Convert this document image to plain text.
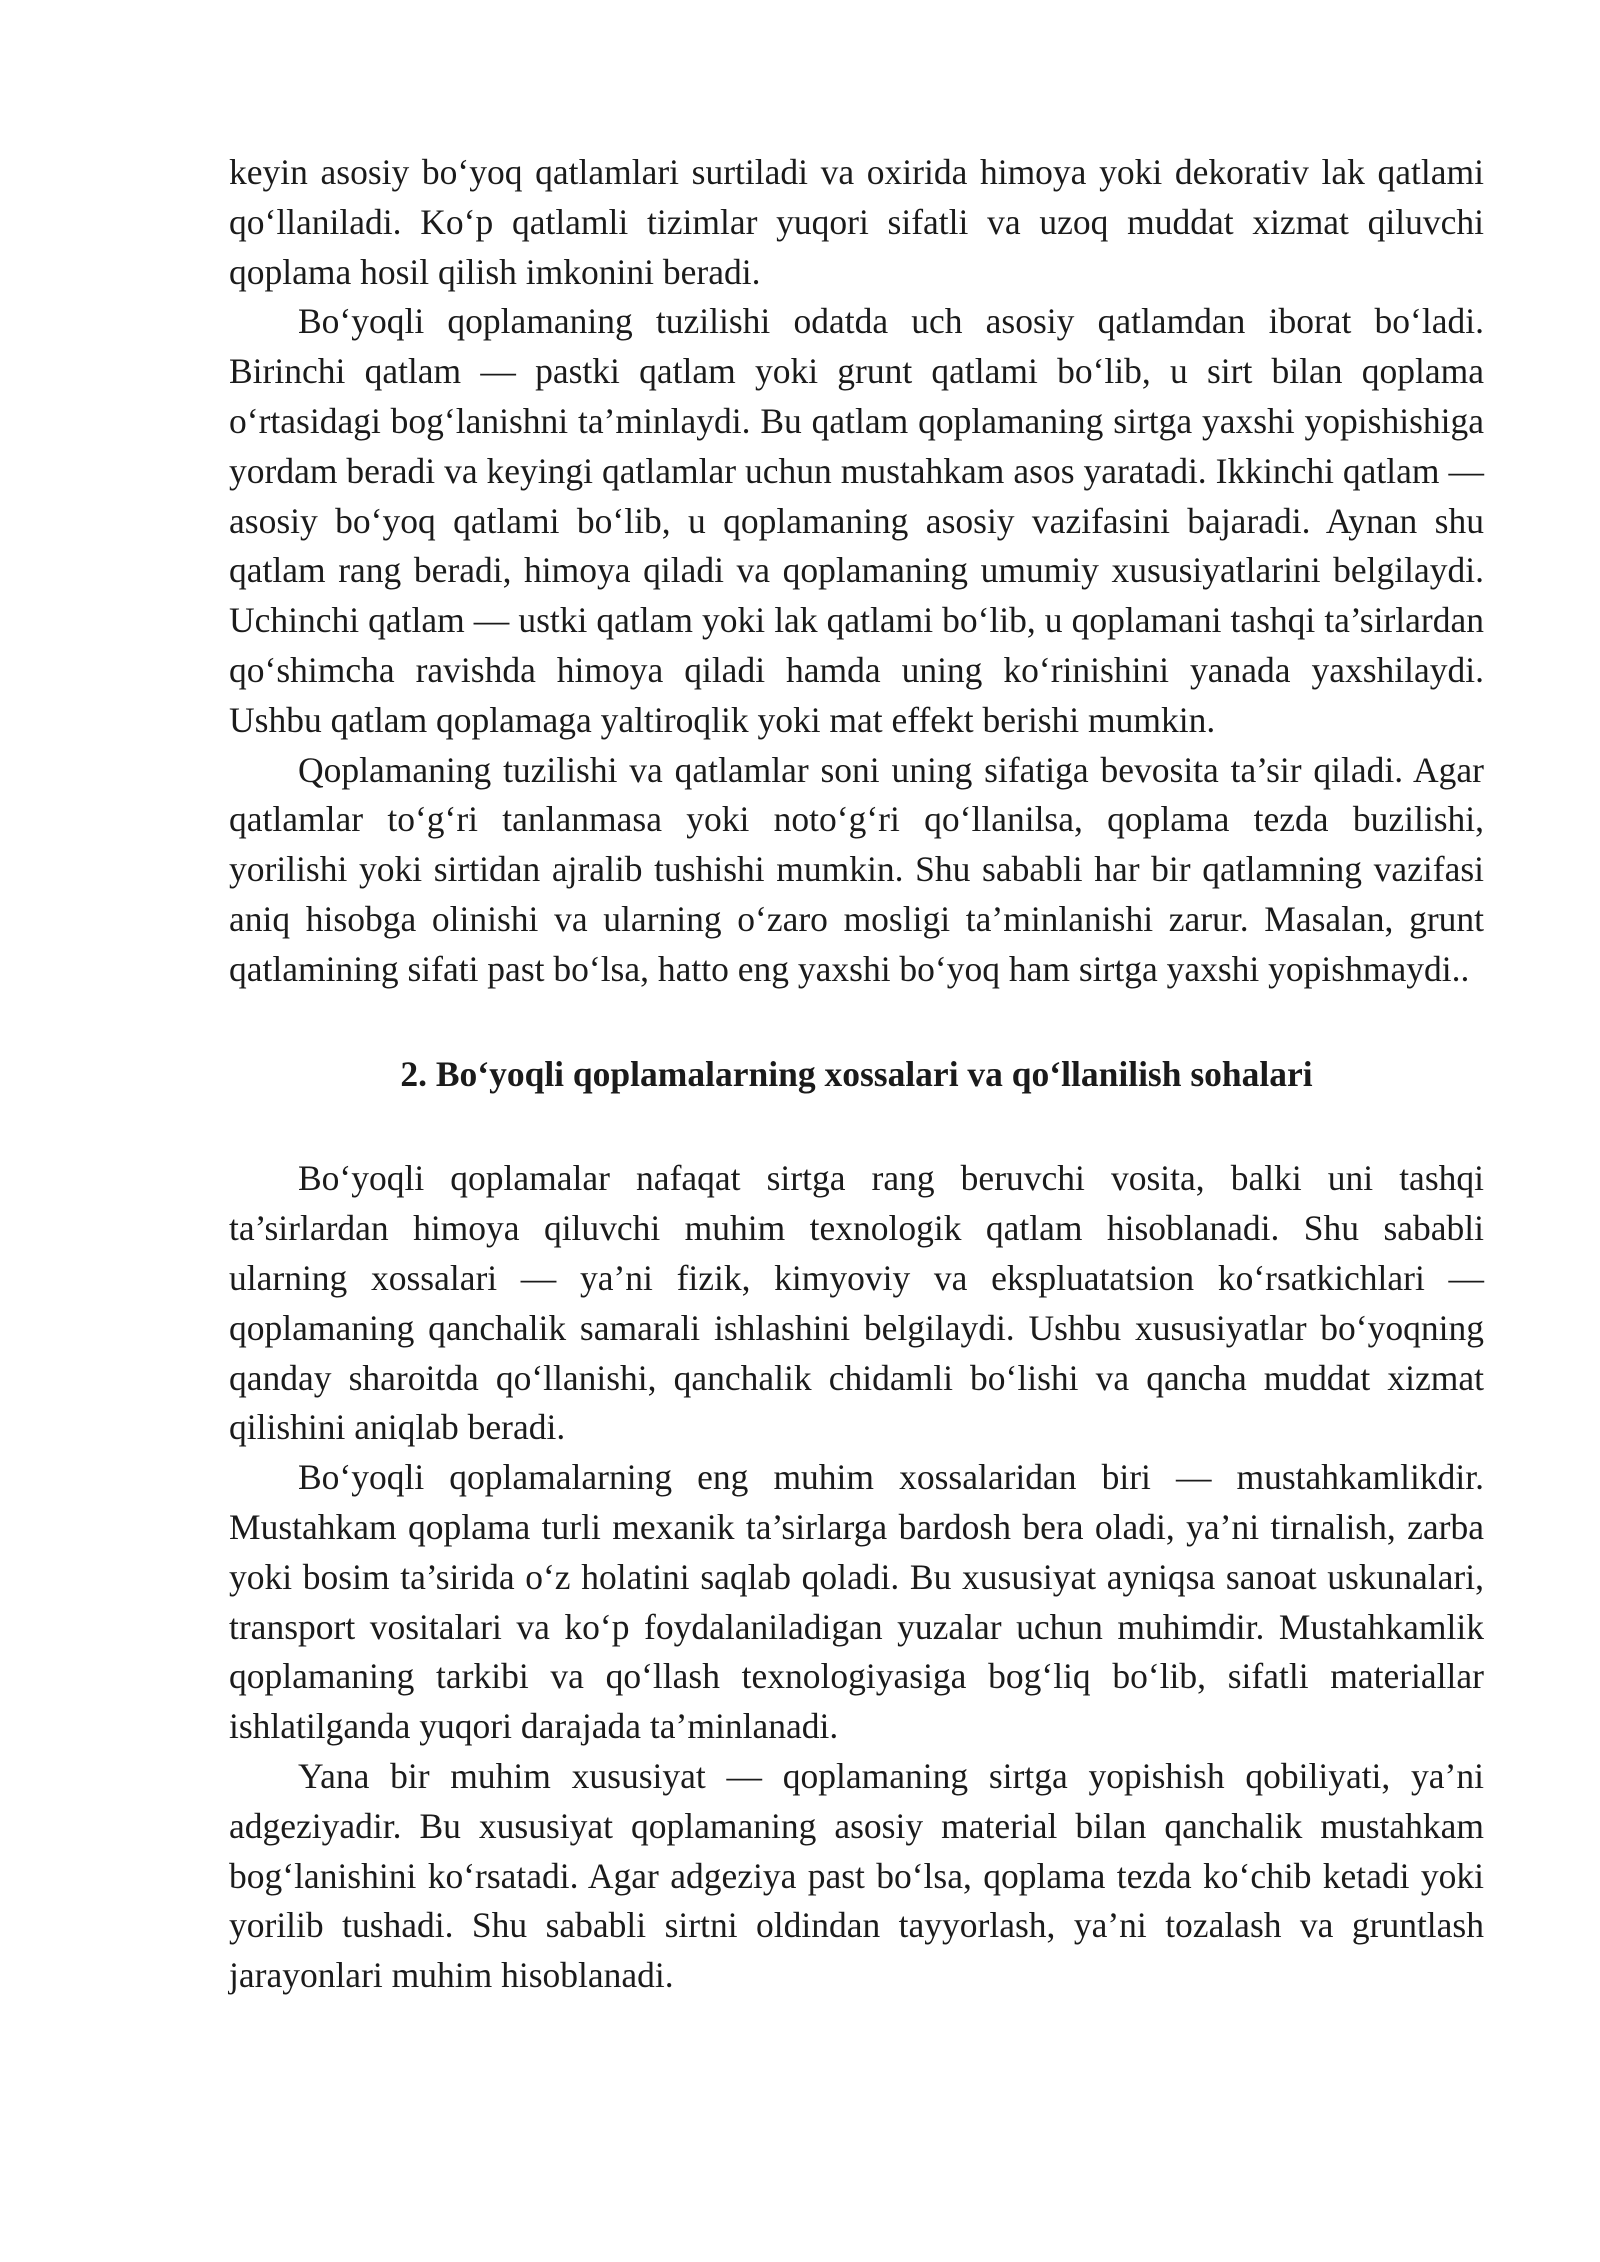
keyin asosiy bo‘yoq qatlamlari surtiladi va oxirida himoya yoki dekorativ lak qatlami qo‘llaniladi. Ko‘p qatlamli tizimlar yuqori sifatli va uzoq muddat xizmat qiluvchi qoplama hosil qilish imkonini beradi.

Bo‘yoqli qoplamaning tuzilishi odatda uch asosiy qatlamdan iborat bo‘ladi. Birinchi qatlam — pastki qatlam yoki grunt qatlami bo‘lib, u sirt bilan qoplama o‘rtasidagi bog‘lanishni ta’minlaydi. Bu qatlam qoplamaning sirtga yaxshi yopishishiga yordam beradi va keyingi qatlamlar uchun mustahkam asos yaratadi. Ikkinchi qatlam — asosiy bo‘yoq qatlami bo‘lib, u qoplamaning asosiy vazifasini bajaradi. Aynan shu qatlam rang beradi, himoya qiladi va qoplamaning umumiy xususiyatlarini belgilaydi. Uchinchi qatlam — ustki qatlam yoki lak qatlami bo‘lib, u qoplamani tashqi ta’sirlardan qo‘shimcha ravishda himoya qiladi hamda uning ko‘rinishini yanada yaxshilaydi. Ushbu qatlam qoplamaga yaltiroqlik yoki mat effekt berishi mumkin.

Qoplamaning tuzilishi va qatlamlar soni uning sifatiga bevosita ta’sir qiladi. Agar qatlamlar to‘g‘ri tanlanmasa yoki noto‘g‘ri qo‘llanilsa, qoplama tezda buzilishi, yorilishi yoki sirtidan ajralib tushishi mumkin. Shu sababli har bir qatlamning vazifasi aniq hisobga olinishi va ularning o‘zaro mosligi ta’minlanishi zarur. Masalan, grunt qatlamining sifati past bo‘lsa, hatto eng yaxshi bo‘yoq ham sirtga yaxshi yopishmaydi..

2. Bo‘yoqli qoplamalarning xossalari va qo‘llanilish sohalari

Bo‘yoqli qoplamalar nafaqat sirtga rang beruvchi vosita, balki uni tashqi ta’sirlardan himoya qiluvchi muhim texnologik qatlam hisoblanadi. Shu sababli ularning xossalari — ya’ni fizik, kimyoviy va ekspluatatsion ko‘rsatkichlari — qoplamaning qanchalik samarali ishlashini belgilaydi. Ushbu xususiyatlar bo‘yoqning qanday sharoitda qo‘llanishi, qanchalik chidamli bo‘lishi va qancha muddat xizmat qilishini aniqlab beradi.

Bo‘yoqli qoplamalarning eng muhim xossalaridan biri — mustahkamlikdir. Mustahkam qoplama turli mexanik ta’sirlarga bardosh bera oladi, ya’ni tirnalish, zarba yoki bosim ta’sirida o‘z holatini saqlab qoladi. Bu xususiyat ayniqsa sanoat uskunalari, transport vositalari va ko‘p foydalaniladigan yuzalar uchun muhimdir. Mustahkamlik qoplamaning tarkibi va qo‘llash texnologiyasiga bog‘liq bo‘lib, sifatli materiallar ishlatilganda yuqori darajada ta’minlanadi.

Yana bir muhim xususiyat — qoplamaning sirtga yopishish qobiliyati, ya’ni adgeziyadir. Bu xususiyat qoplamaning asosiy material bilan qanchalik mustahkam bog‘lanishini ko‘rsatadi. Agar adgeziya past bo‘lsa, qoplama tezda ko‘chib ketadi yoki yorilib tushadi. Shu sababli sirtni oldindan tayyorlash, ya’ni tozalash va gruntlash jarayonlari muhim hisoblanadi.
